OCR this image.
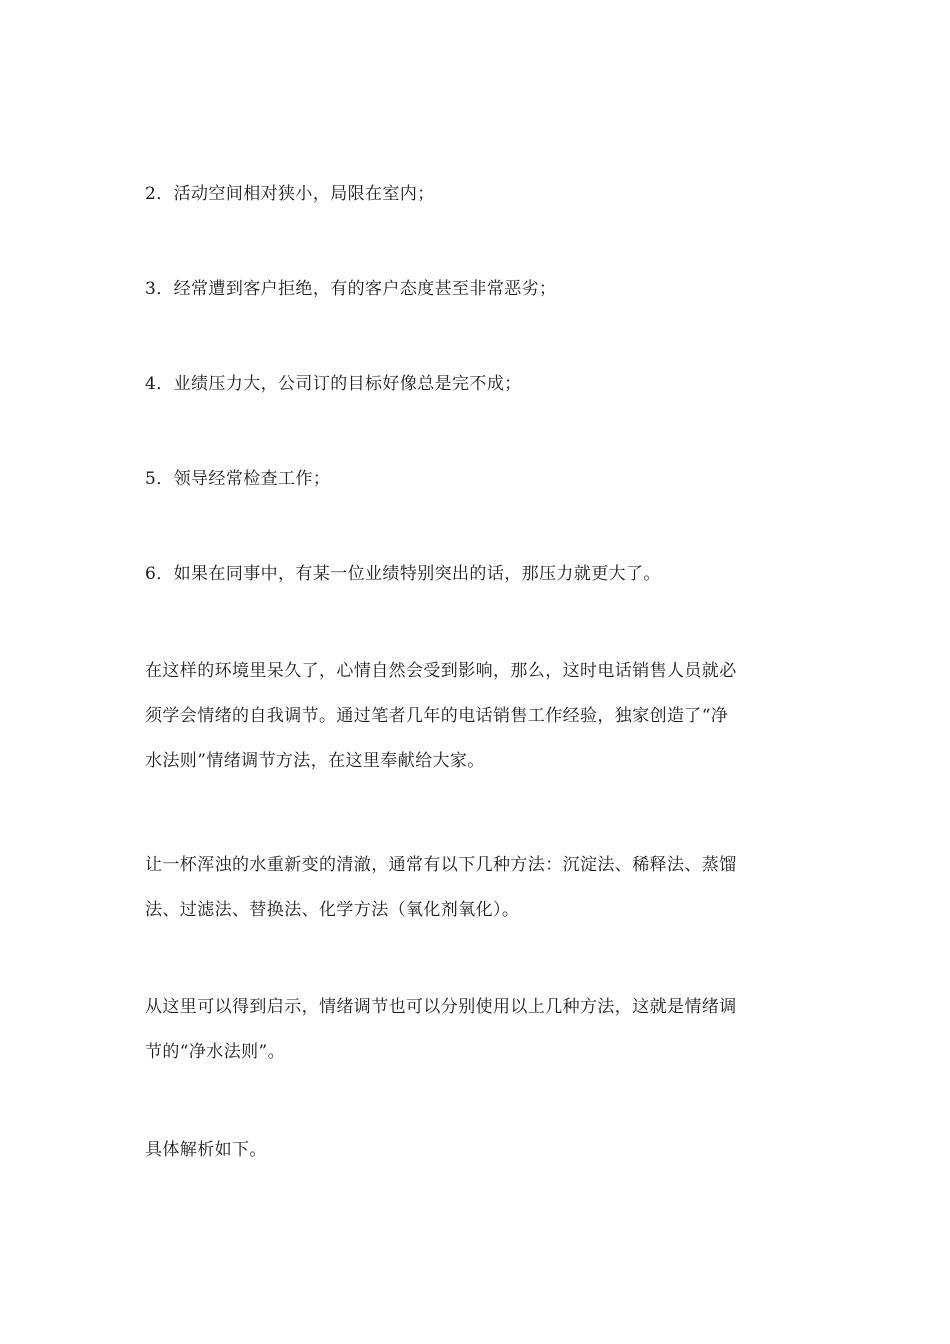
2．活动空间相对狭小，局限在室内；

3．经常遭到客户拒绝，有的客户态度甚至非常恶劣；

4．业绩压力大，公司订的目标好像总是完不成；

5．领导经常检查工作；

6．如果在同事中，有某一位业绩特别突出的话，那压力就更大了。

在这样的环境里呆久了，心情自然会受到影响，那么，这时电话销售人员就必
须学会情绪的自我调节。通过笔者几年的电话销售工作经验，独家创造了“净
水法则”情绪调节方法，在这里奉献给大家。

让一杯浑浊的水重新变的清澈，通常有以下几种方法：沉淀法、稀释法、蒸馏
法、过滤法、替换法、化学方法（氧化剂氧化）。

从这里可以得到启示，情绪调节也可以分别使用以上几种方法，这就是情绪调
节的“净水法则”。

具体解析如下。
